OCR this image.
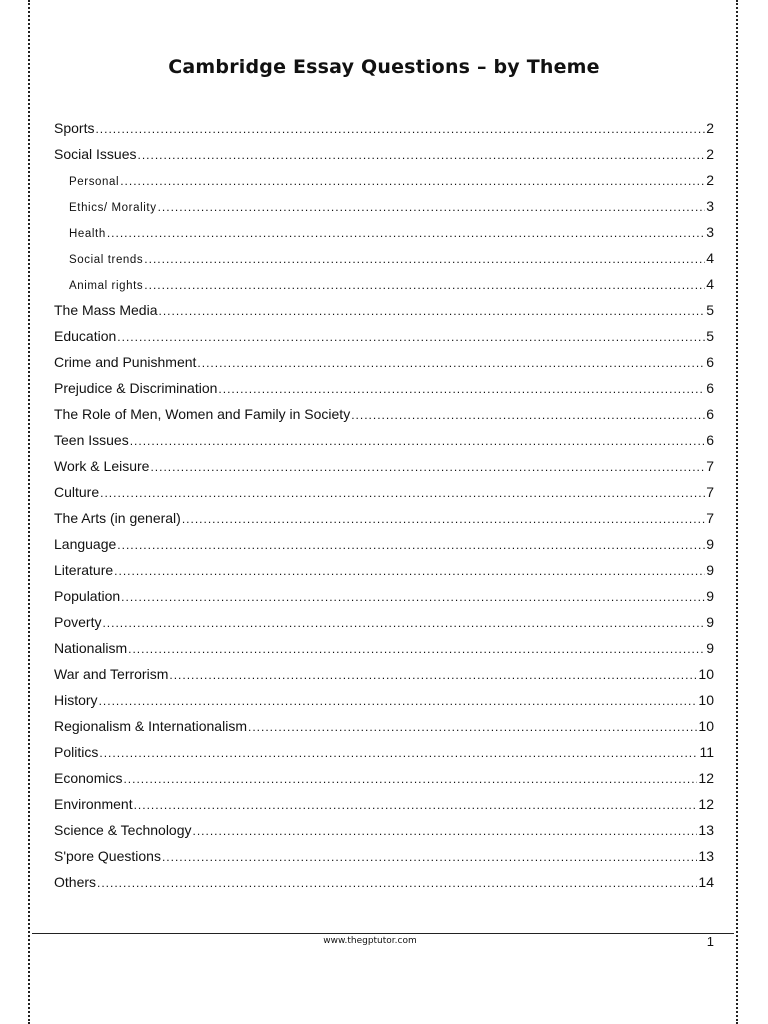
Cambridge Essay Questions – by Theme
Sports .....	2
Social Issues .....	2
Personal .....	2
Ethics/ Morality .....	3
Health .....	3
Social trends .....	4
Animal rights .....	4
The Mass Media .....	5
Education .....	5
Crime and Punishment .....	6
Prejudice & Discrimination .....	6
The Role of Men, Women and Family in Society .....	6
Teen Issues .....	6
Work & Leisure .....	7
Culture .....	7
The Arts (in general) .....	7
Language .....	9
Literature .....	9
Population .....	9
Poverty .....	9
Nationalism .....	9
War and Terrorism .....	10
History .....	10
Regionalism & Internationalism .....	10
Politics .....	11
Economics .....	12
Environment .....	12
Science & Technology .....	13
S'pore Questions .....	13
Others .....	14
www.thegptutor.com	1
